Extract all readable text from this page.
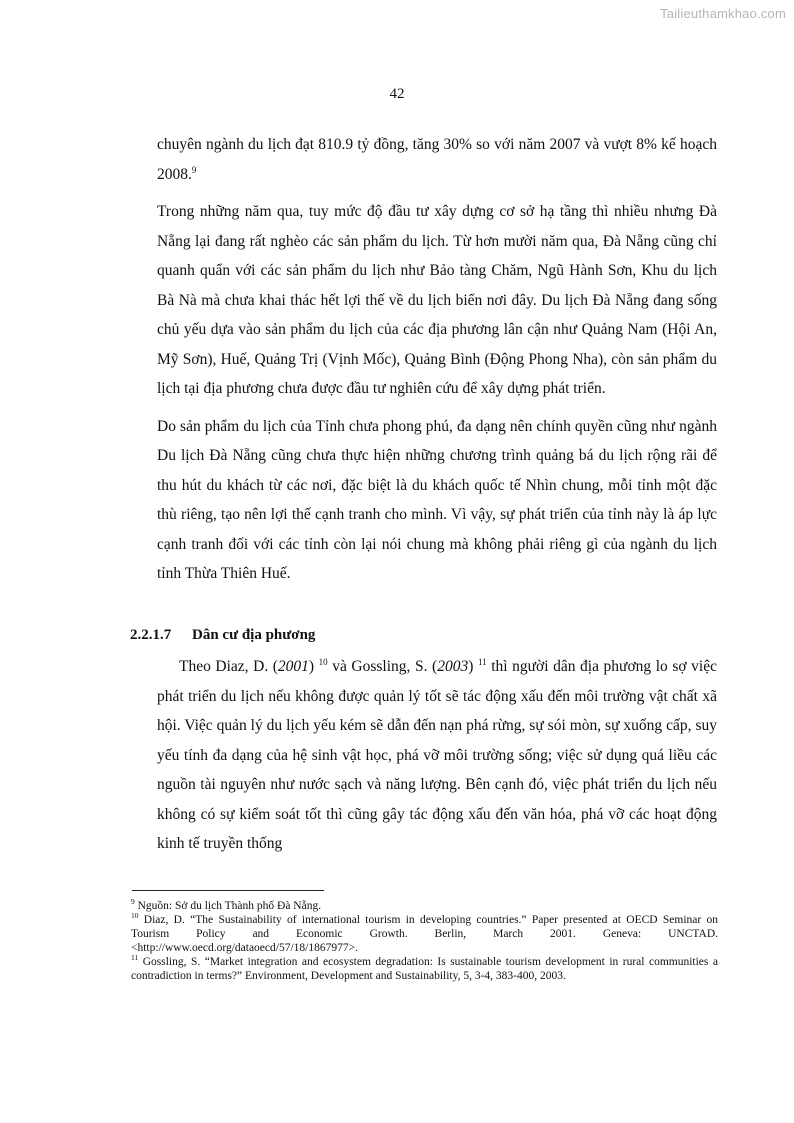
Tailieuthamkhao.com
42

chuyên ngành du lịch đạt 810.9 tỷ đồng, tăng 30% so với năm 2007 và vượt 8% kế hoạch 2008.$^9$

Trong những năm qua, tuy mức độ đầu tư xây dựng cơ sở hạ tầng thì nhiều nhưng Đà Nẵng lại đang rất nghèo các sản phẩm du lịch. Từ hơn mười năm qua, Đà Nẵng cũng chỉ quanh quẩn với các sản phẩm du lịch như Bảo tàng Chăm, Ngũ Hành Sơn, Khu du lịch Bà Nà mà chưa khai thác hết lợi thế về du lịch biển nơi đây. Du lịch Đà Nẵng đang sống chủ yếu dựa vào sản phẩm du lịch của các địa phương lân cận như Quảng Nam (Hội An, Mỹ Sơn), Huế, Quảng Trị (Vịnh Mốc), Quảng Bình (Động Phong Nha), còn sản phẩm du lịch tại địa phương chưa được đầu tư nghiên cứu để xây dựng phát triển.

Do sản phẩm du lịch của Tỉnh chưa phong phú, đa dạng nên chính quyền cũng như ngành Du lịch Đà Nẵng cũng chưa thực hiện những chương trình quảng bá du lịch rộng rãi để thu hút du khách từ các nơi, đặc biệt là du khách quốc tế Nhìn chung, mỗi tỉnh một đặc thù riêng, tạo nên lợi thế cạnh tranh cho mình. Vì vậy, sự phát triển của tỉnh này là áp lực cạnh tranh đối với các tỉnh còn lại nói chung mà không phải riêng gì của ngành du lịch tỉnh Thừa Thiên Huế.

2.2.1.7 Dân cư địa phương
Theo Diaz, D. (2001) $^{10}$ và Gossling, S. (2003) $^{11}$ thì người dân địa phương lo sợ việc phát triển du lịch nếu không được quản lý tốt sẽ tác động xấu đến môi trường vật chất xã hội. Việc quản lý du lịch yếu kém sẽ dẫn đến nạn phá rừng, sự sói mòn, sự xuống cấp, suy yếu tính đa dạng của hệ sinh vật học, phá vỡ môi trường sống; việc sử dụng quá liều các nguồn tài nguyên như nước sạch và năng lượng. Bên cạnh đó, việc phát triển du lịch nếu không có sự kiểm soát tốt thì cũng gây tác động xấu đến văn hóa, phá vỡ các hoạt động kinh tế truyền thống

$^9$ Nguồn: Sở du lịch Thành phố Đà Nẵng.

$^{10}$ Diaz, D. “The Sustainability of international tourism in developing countries.” Paper presented at OECD Seminar on Tourism Policy and Economic Growth. Berlin, March 2001. Geneva: UNCTAD. <http://www.oecd.org/dataoecd/57/18/1867977>.

$^{11}$ Gossling, S. “Market integration and ecosystem degradation: Is sustainable tourism development in rural communities a contradiction in terms?” Environment, Development and Sustainability, 5, 3-4, 383-400, 2003.
